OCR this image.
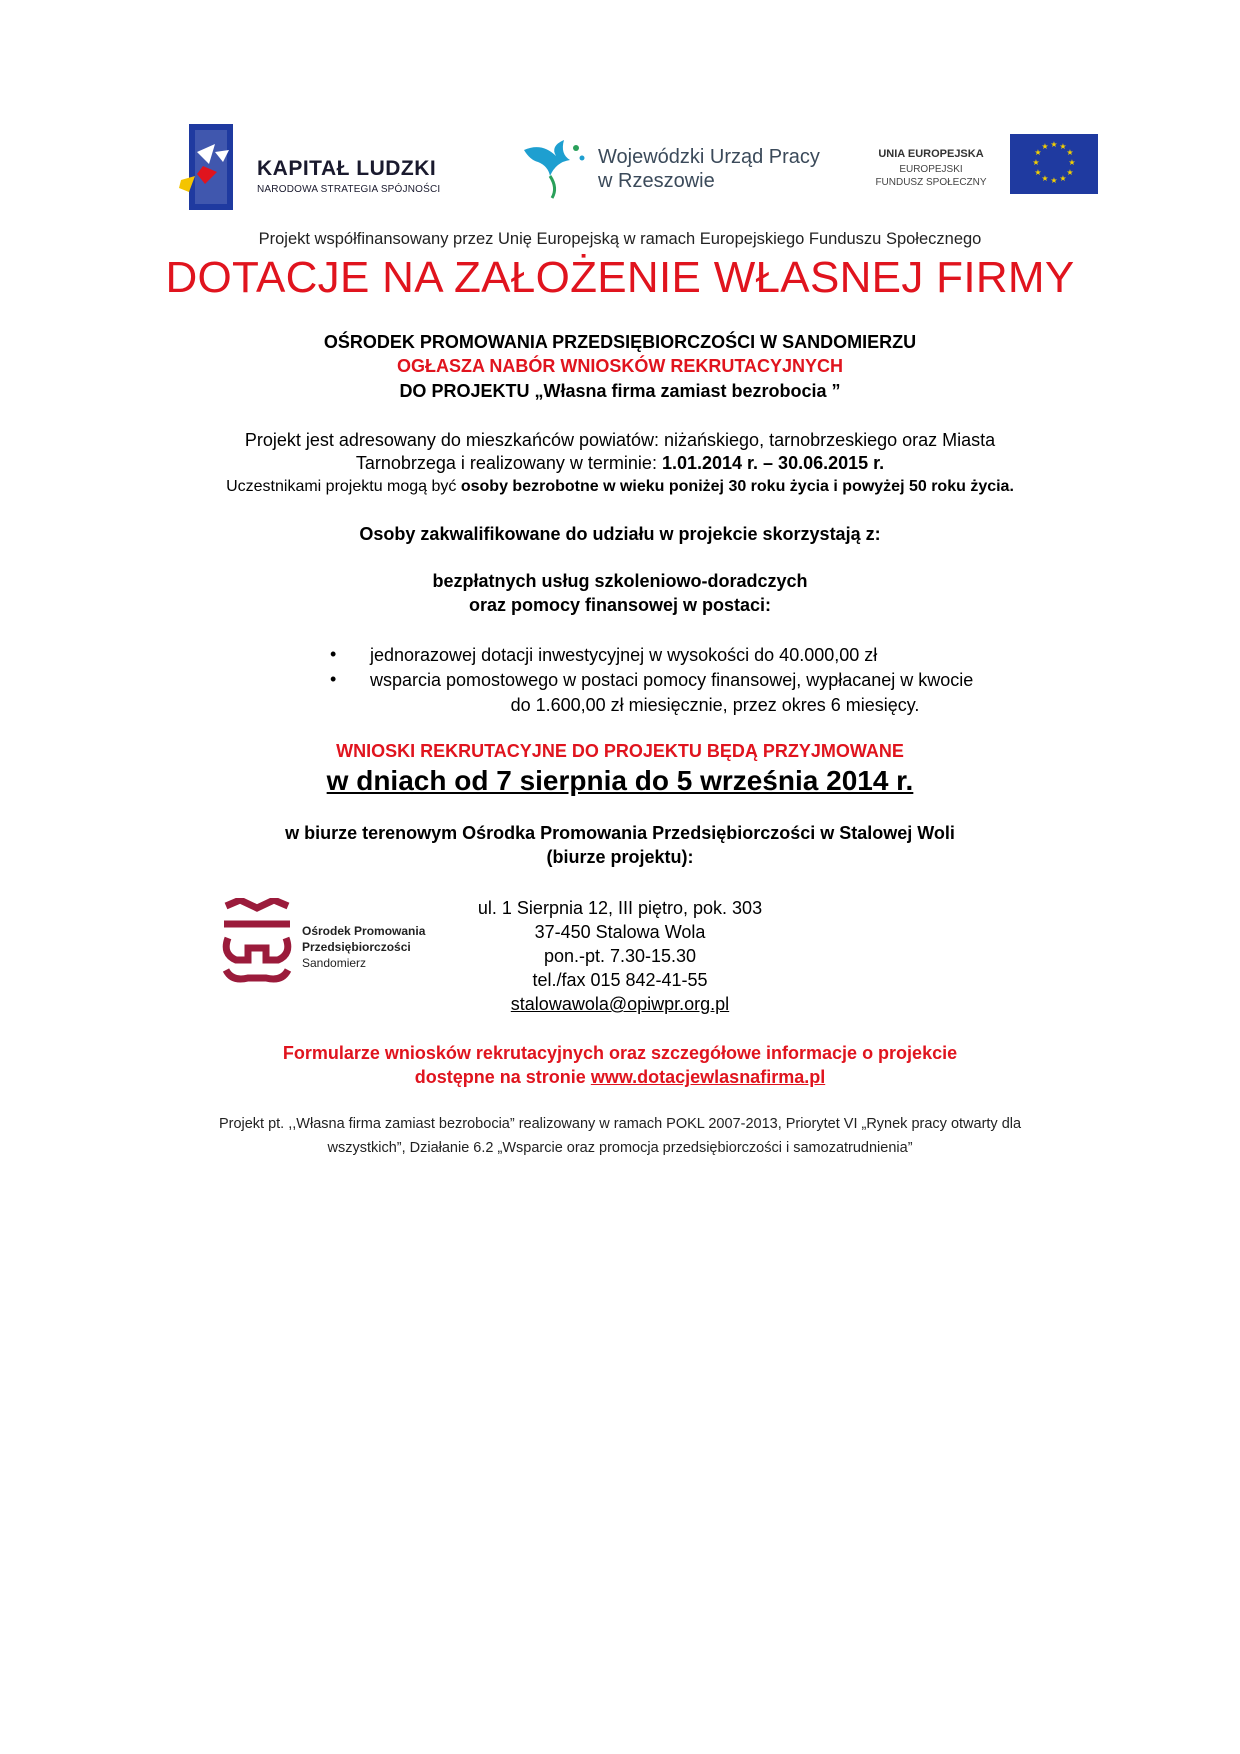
KAPITAŁ LUDZKI
NARODOWA STRATEGIA SPÓJNOŚCI
Wojewódzki Urząd Pracy
w Rzeszowie
UNIA EUROPEJSKA
EUROPEJSKI
FUNDUSZ SPOŁECZNY
★ ★
★
★
★
★
★
★
★
★
★
★
Projekt współfinansowany przez Unię Europejską w ramach Europejskiego Funduszu Społecznego
DOTACJE NA ZAŁOŻENIE WŁASNEJ FIRMY
OŚRODEK PROMOWANIA PRZEDSIĘBIORCZOŚCI W SANDOMIERZU
OGŁASZA NABÓR WNIOSKÓW REKRUTACYJNYCH
DO PROJEKTU „Własna firma zamiast bezrobocia ”
Projekt jest adresowany do mieszkańców powiatów: niżańskiego, tarnobrzeskiego oraz Miasta
Tarnobrzega i realizowany w terminie: 1.01.2014 r. – 30.06.2015 r.
Uczestnikami projektu mogą być osoby bezrobotne w wieku poniżej 30 roku życia i powyżej 50 roku życia.
Osoby zakwalifikowane do udziału w projekcie skorzystają z:
bezpłatnych usług szkoleniowo-doradczych
oraz pomocy finansowej w postaci:
• jednorazowej dotacji inwestycyjnej w wysokości do 40.000,00 zł
• wsparcia pomostowego w postaci pomocy finansowej, wypłacanej w kwocie
do 1.600,00 zł miesięcznie, przez okres 6 miesięcy.
WNIOSKI REKRUTACYJNE DO PROJEKTU BĘDĄ PRZYJMOWANE
w dniach od 7 sierpnia do 5 września 2014 r.
w biurze terenowym Ośrodka Promowania Przedsiębiorczości w Stalowej Woli
(biurze projektu):
Ośrodek Promowania
Przedsiębiorczości
Sandomierz
ul. 1 Sierpnia 12, III piętro, pok. 303
37-450 Stalowa Wola
pon.-pt. 7.30-15.30
tel./fax 015 842-41-55
stalowawola@opiwpr.org.pl
Formularze wniosków rekrutacyjnych oraz szczegółowe informacje o projekcie
dostępne na stronie www.dotacjewlasnafirma.pl
Projekt pt. ,,Własna firma zamiast bezrobocia” realizowany w ramach POKL 2007-2013, Priorytet VI „Rynek pracy otwarty dla
wszystkich”, Działanie 6.2 „Wsparcie oraz promocja przedsiębiorczości i samozatrudnienia”
